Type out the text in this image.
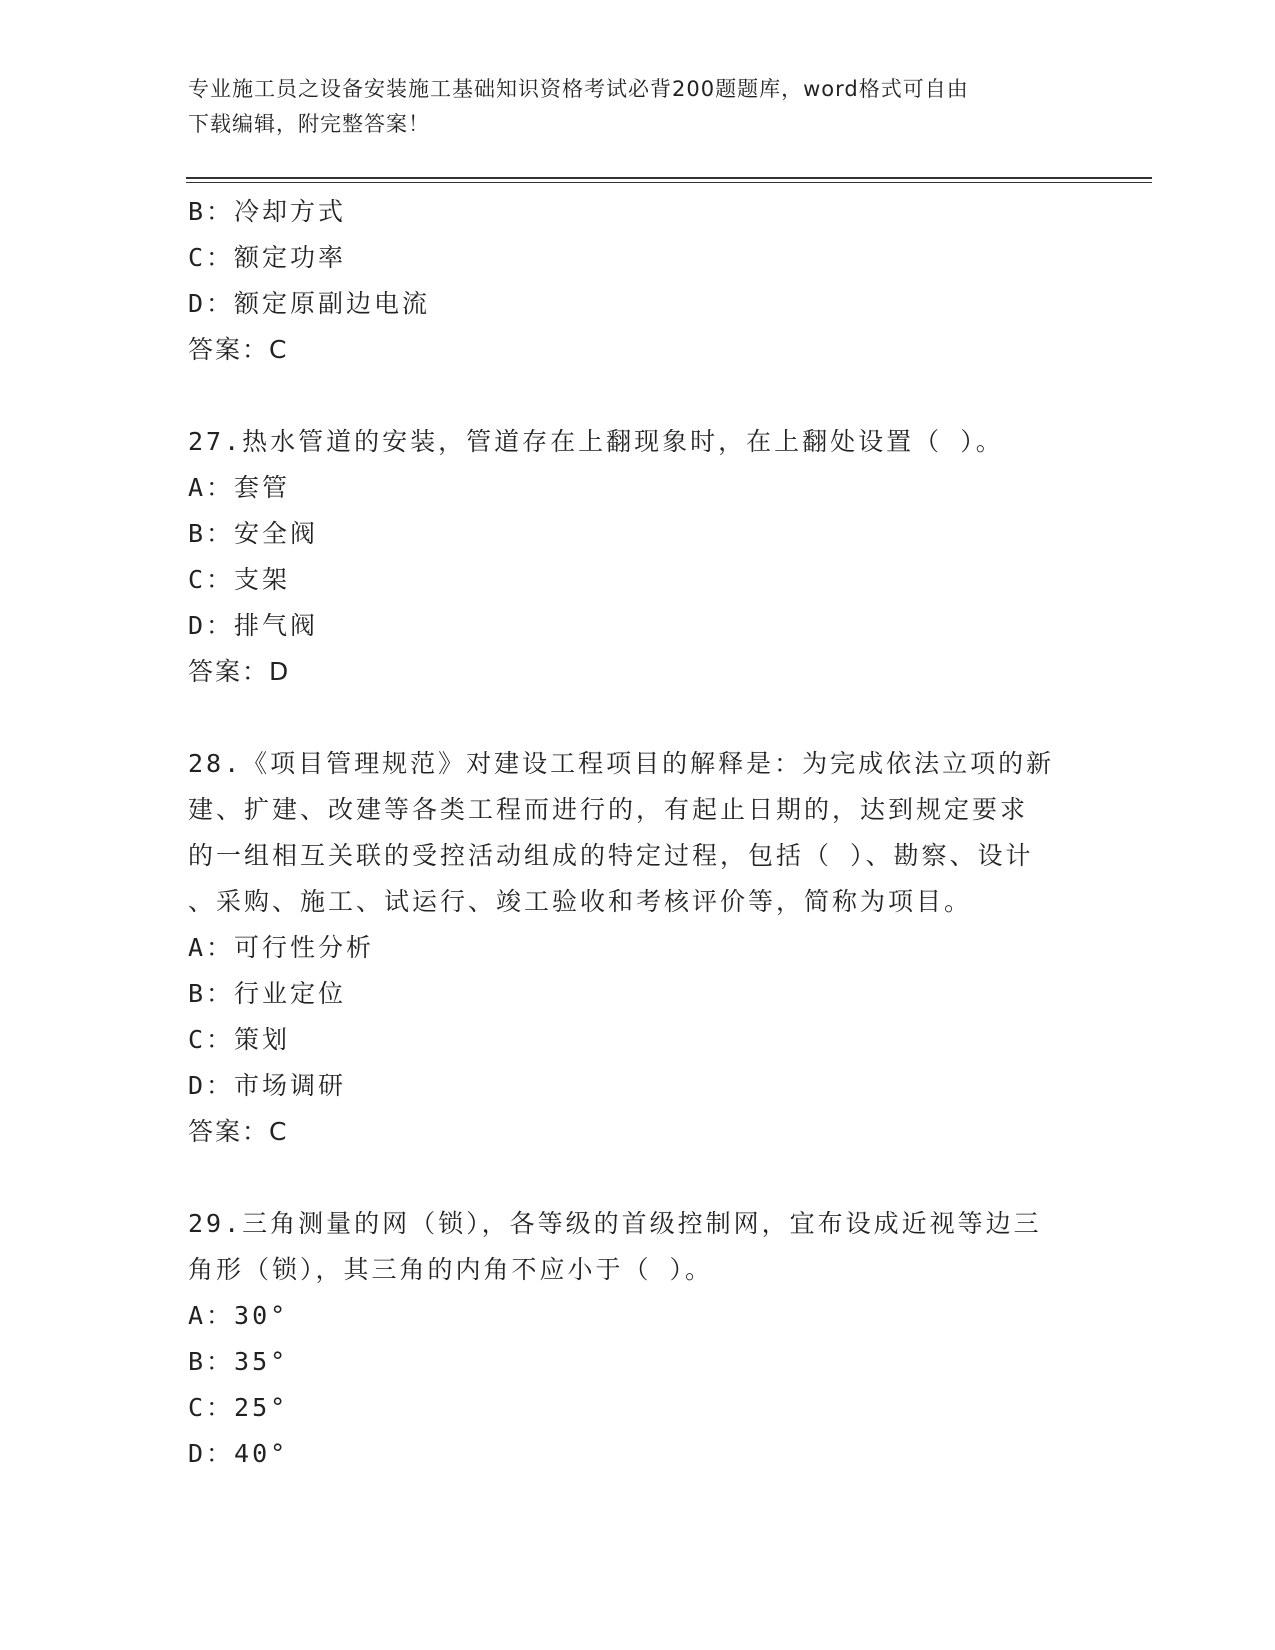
专业施工员之设备安装施工基础知识资格考试必背200题题库，word格式可自由
下载编辑，附完整答案！
B：冷却方式
C：额定功率
D：额定原副边电流
答案：C
27.热水管道的安装，管道存在上翻现象时，在上翻处设置（ ）。
A：套管
B：安全阀
C：支架
D：排气阀
答案：D
28.《项目管理规范》对建设工程项目的解释是：为完成依法立项的新
建、扩建、改建等各类工程而进行的，有起止日期的，达到规定要求
的一组相互关联的受控活动组成的特定过程，包括（ ）、勘察、设计
、采购、施工、试运行、竣工验收和考核评价等，简称为项目。
A：可行性分析
B：行业定位
C：策划
D：市场调研
答案：C
29.三角测量的网（锁），各等级的首级控制网，宜布设成近视等边三
角形（锁），其三角的内角不应小于（ ）。
A：30°
B：35°
C：25°
D：40°
